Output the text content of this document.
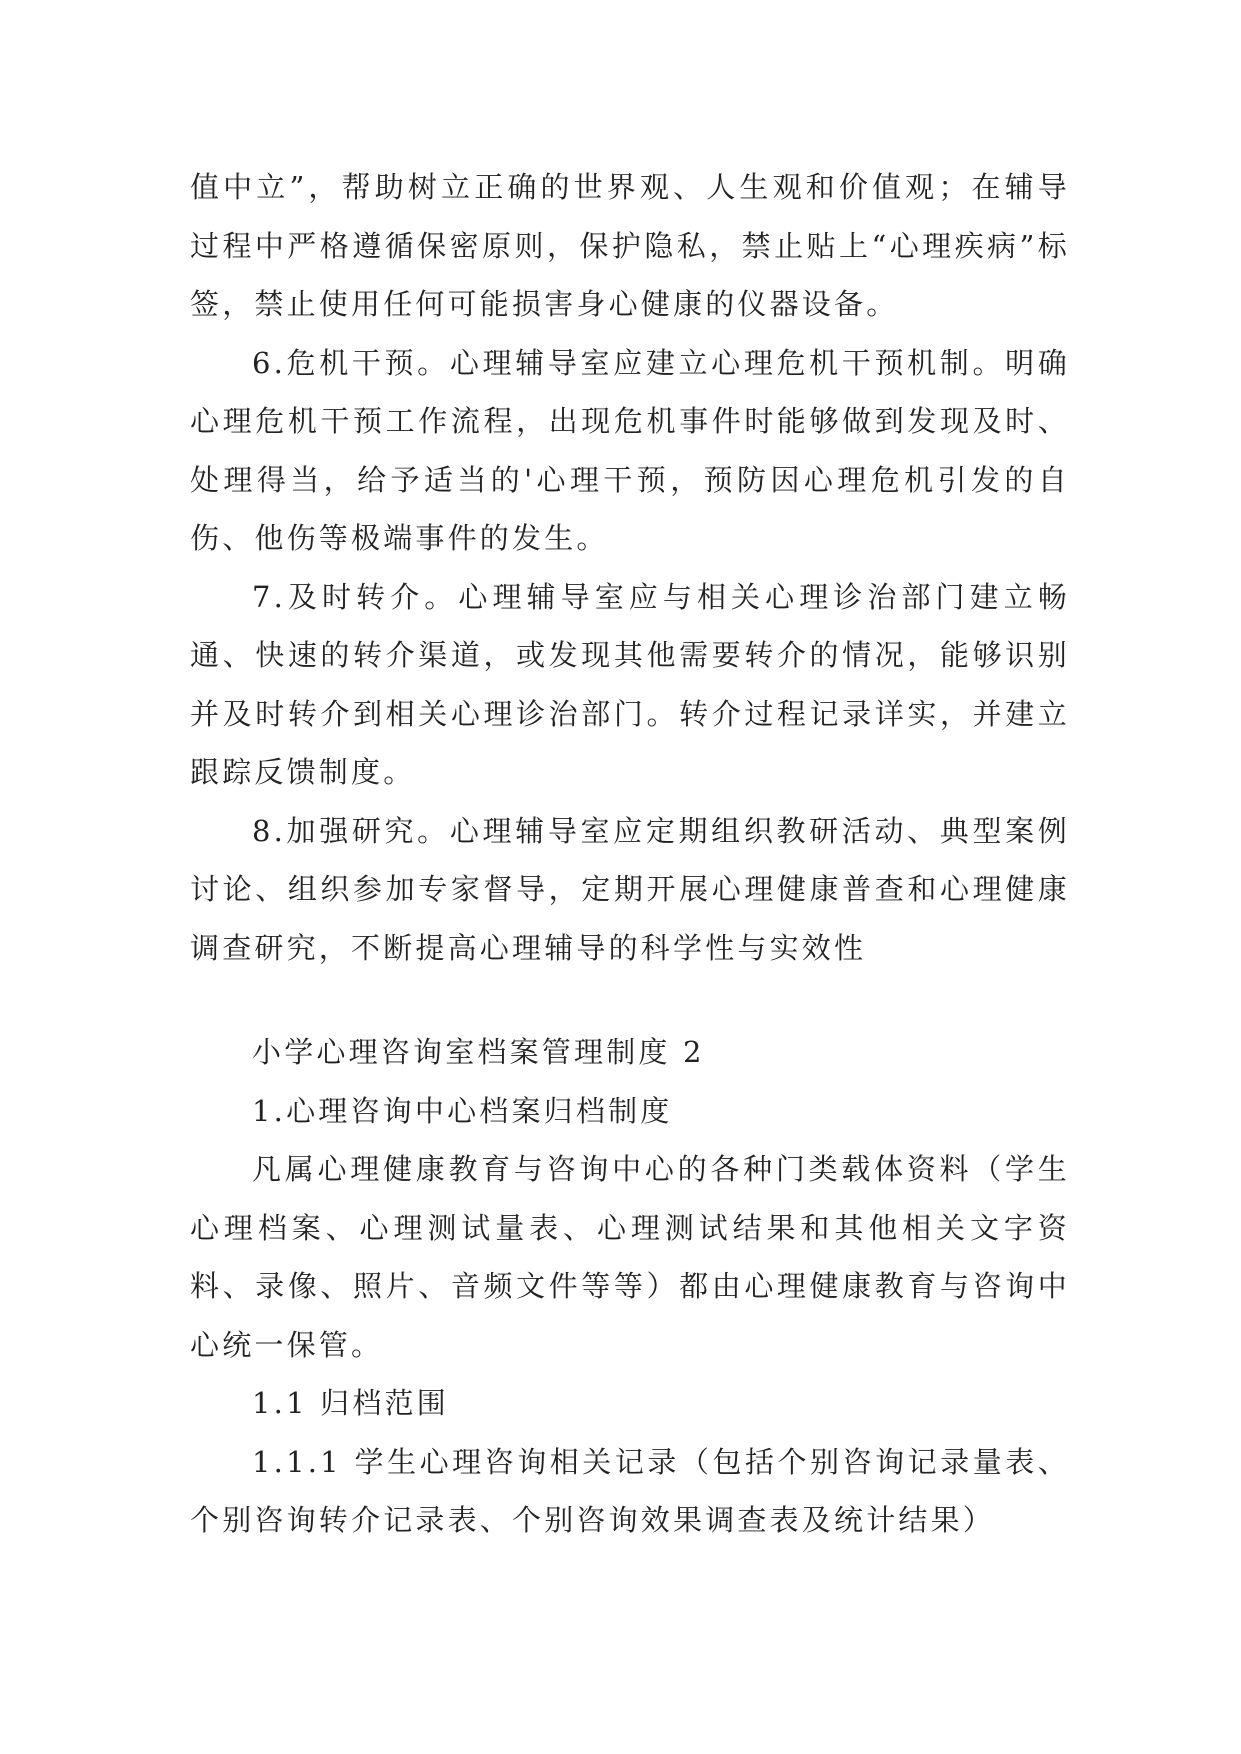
值中立”，帮助树立正确的世界观、人生观和价值观；在辅导过程中严格遵循保密原则，保护隐私，禁止贴上“心理疾病”标签，禁止使用任何可能损害身心健康的仪器设备。

6.危机干预。心理辅导室应建立心理危机干预机制。明确心理危机干预工作流程，出现危机事件时能够做到发现及时、处理得当，给予适当的'心理干预，预防因心理危机引发的自伤、他伤等极端事件的发生。

7.及时转介。心理辅导室应与相关心理诊治部门建立畅通、快速的转介渠道，或发现其他需要转介的情况，能够识别并及时转介到相关心理诊治部门。转介过程记录详实，并建立跟踪反馈制度。

8.加强研究。心理辅导室应定期组织教研活动、典型案例讨论、组织参加专家督导，定期开展心理健康普查和心理健康调查研究，不断提高心理辅导的科学性与实效性

小学心理咨询室档案管理制度 2

1.心理咨询中心档案归档制度

凡属心理健康教育与咨询中心的各种门类载体资料（学生心理档案、心理测试量表、心理测试结果和其他相关文字资料、录像、照片、音频文件等等）都由心理健康教育与咨询中心统一保管。

1.1 归档范围

1.1.1 学生心理咨询相关记录（包括个别咨询记录量表、个别咨询转介记录表、个别咨询效果调查表及统计结果）
